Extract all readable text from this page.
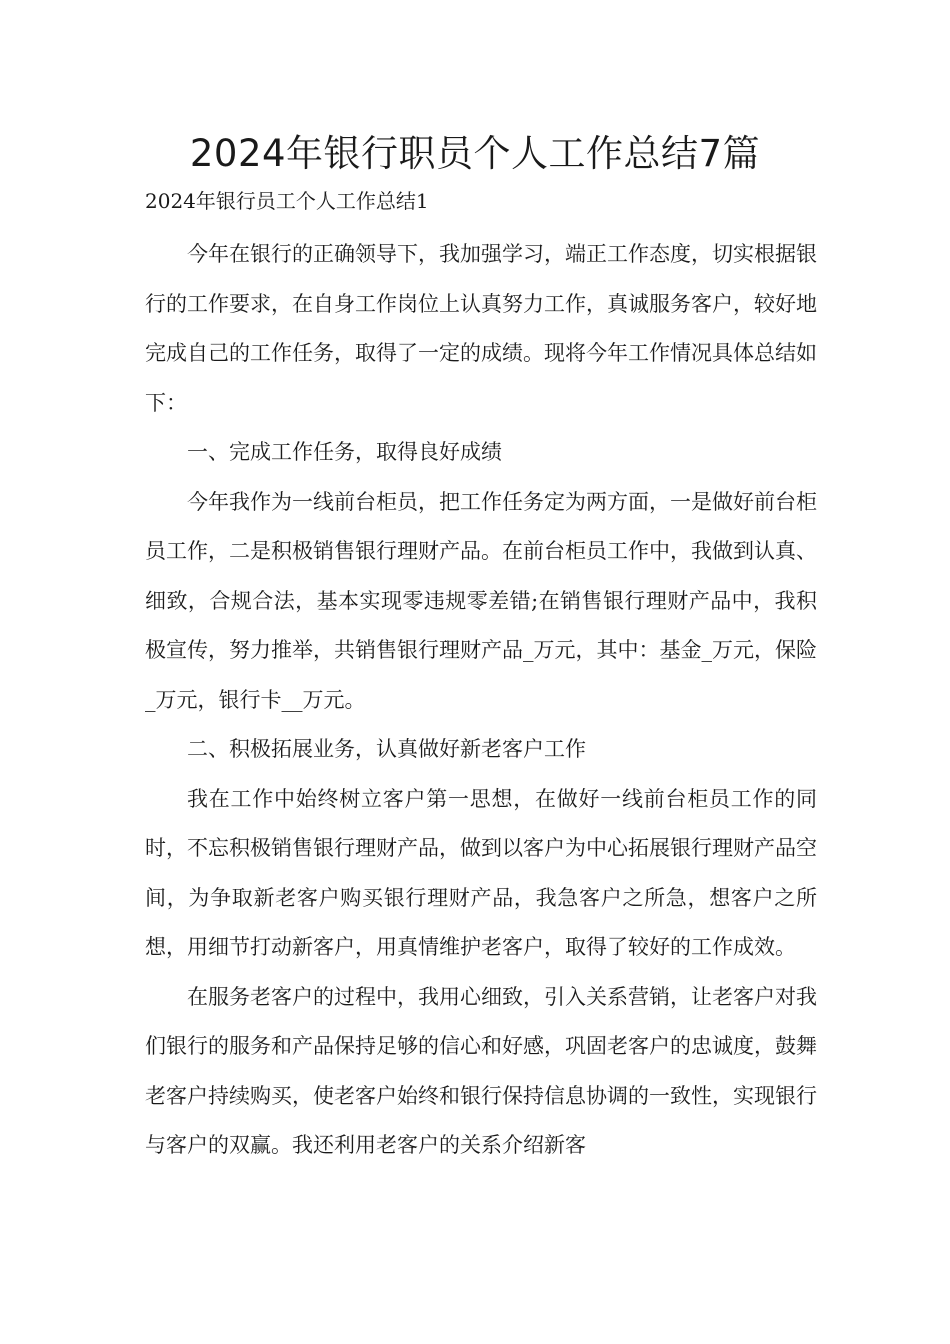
2024年银行职员个人工作总结7篇

2024年银行员工个人工作总结1

今年在银行的正确领导下，我加强学习，端正工作态度，切实根据银行的工作要求，在自身工作岗位上认真努力工作，真诚服务客户，较好地完成自己的工作任务，取得了一定的成绩。现将今年工作情况具体总结如下：

一、完成工作任务，取得良好成绩

今年我作为一线前台柜员，把工作任务定为两方面，一是做好前台柜员工作，二是积极销售银行理财产品。在前台柜员工作中，我做到认真、细致，合规合法，基本实现零违规零差错;在销售银行理财产品中，我积极宣传，努力推举，共销售银行理财产品_万元，其中：基金_万元，保险_万元，银行卡__万元。

二、积极拓展业务，认真做好新老客户工作

我在工作中始终树立客户第一思想，在做好一线前台柜员工作的同时，不忘积极销售银行理财产品，做到以客户为中心拓展银行理财产品空间，为争取新老客户购买银行理财产品，我急客户之所急，想客户之所想，用细节打动新客户，用真情维护老客户，取得了较好的工作成效。

在服务老客户的过程中，我用心细致，引入关系营销，让老客户对我们银行的服务和产品保持足够的信心和好感，巩固老客户的忠诚度，鼓舞老客户持续购买，使老客户始终和银行保持信息协调的一致性，实现银行与客户的双赢。我还利用老客户的关系介绍新客
